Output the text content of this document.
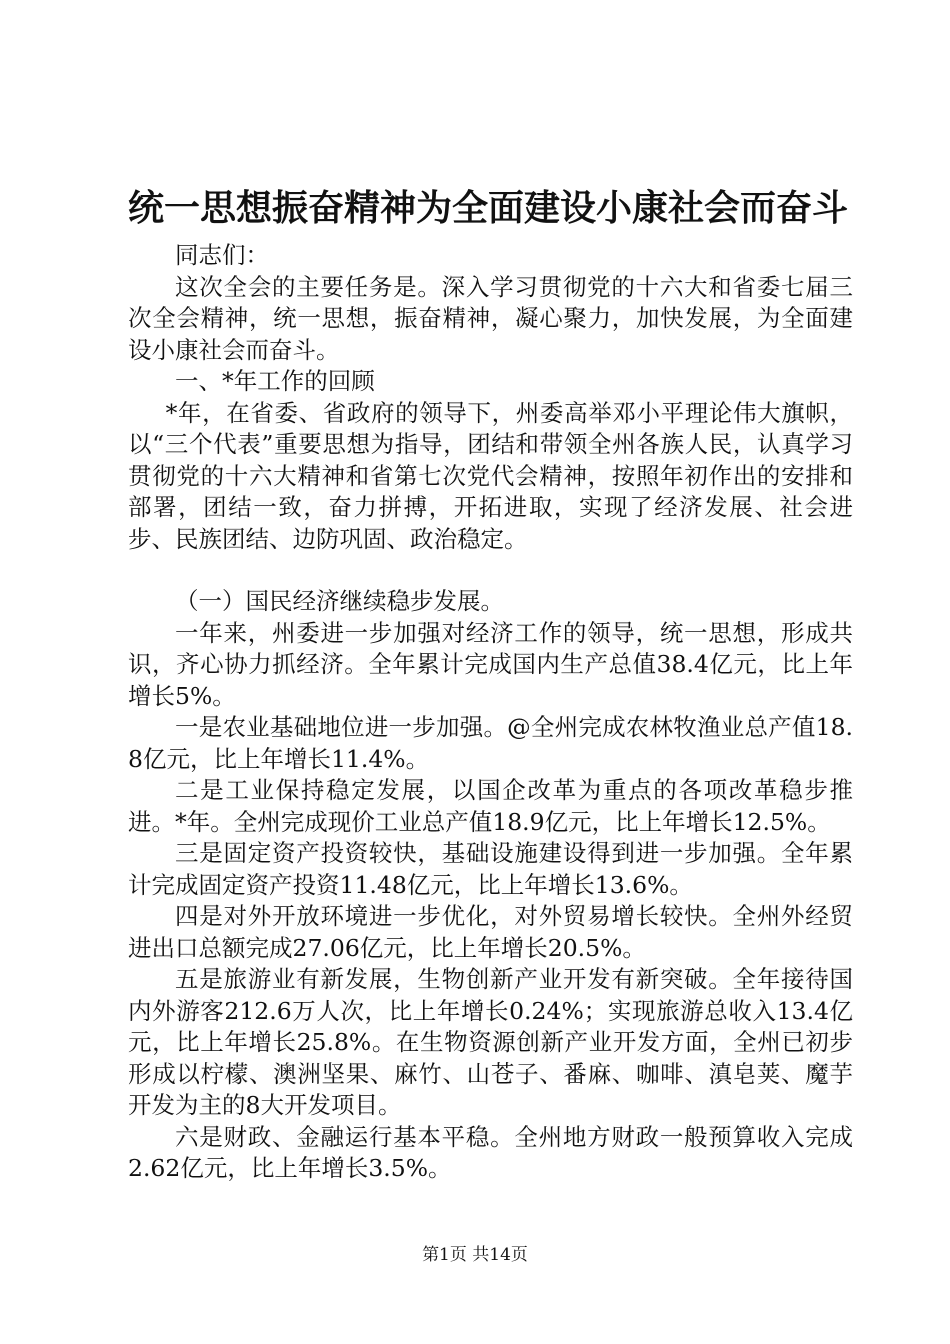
统一思想振奋精神为全面建设小康社会而奋斗

同志们：

这次全会的主要任务是。深入学习贯彻党的十六大和省委七届三次全会精神，统一思想，振奋精神，凝心聚力，加快发展，为全面建设小康社会而奋斗。

一、*年工作的回顾

*年，在省委、省政府的领导下，州委高举邓小平理论伟大旗帜，以“三个代表”重要思想为指导，团结和带领全州各族人民，认真学习贯彻党的十六大精神和省第七次党代会精神，按照年初作出的安排和部署，团结一致，奋力拼搏，开拓进取，实现了经济发展、社会进步、民族团结、边防巩固、政治稳定。

（一）国民经济继续稳步发展。

一年来，州委进一步加强对经济工作的领导，统一思想，形成共识，齐心协力抓经济。全年累计完成国内生产总值38.4亿元，比上年增长5%。

一是农业基础地位进一步加强。@全州完成农林牧渔业总产值18.8亿元，比上年增长11.4%。

二是工业保持稳定发展，以国企改革为重点的各项改革稳步推进。*年。全州完成现价工业总产值18.9亿元，比上年增长12.5%。

三是固定资产投资较快，基础设施建设得到进一步加强。全年累计完成固定资产投资11.48亿元，比上年增长13.6%。

四是对外开放环境进一步优化，对外贸易增长较快。全州外经贸进出口总额完成27.06亿元，比上年增长20.5%。

五是旅游业有新发展，生物创新产业开发有新突破。全年接待国内外游客212.6万人次，比上年增长0.24%；实现旅游总收入13.4亿元，比上年增长25.8%。在生物资源创新产业开发方面，全州已初步形成以柠檬、澳洲坚果、麻竹、山苍子、番麻、咖啡、滇皂荚、魔芋开发为主的8大开发项目。

六是财政、金融运行基本平稳。全州地方财政一般预算收入完成2.62亿元，比上年增长3.5%。

第1页 共14页
